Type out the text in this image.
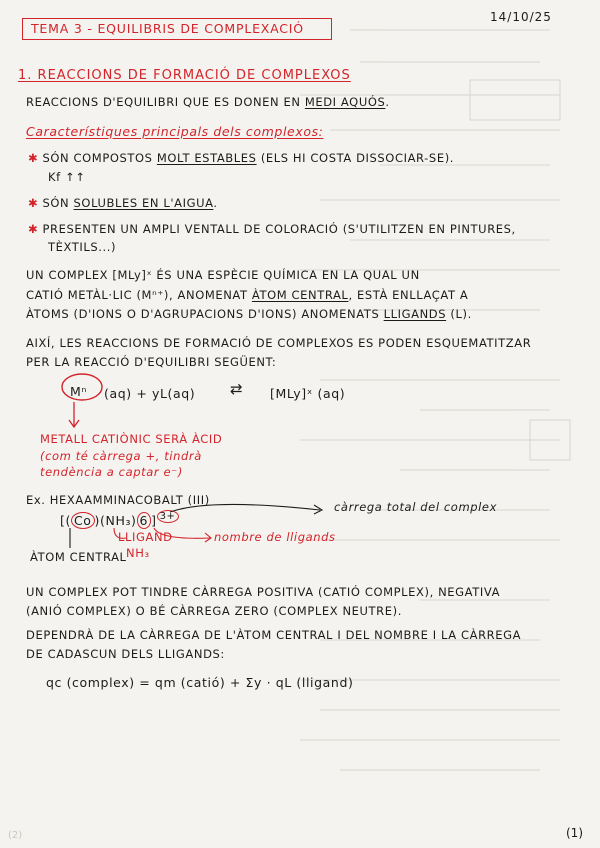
TEMA 3 - EQUILIBRIS DE COMPLEXACIÓ
14/10/25
1. REACCIONS DE FORMACIÓ DE COMPLEXOS
REACCIONS D'EQUILIBRI QUE ES DONEN EN MEDI AQUÓS.
Característiques principals dels complexos:
✱ SÓN COMPOSTOS MOLT ESTABLES (ELS HI COSTA DISSOCIAR-SE).
Kf ↑↑
✱ SÓN SOLUBLES EN L'AIGUA.
✱ PRESENTEN UN AMPLI VENTALL DE COLORACIÓ (S'UTILITZEN EN PINTURES,
TÈXTILS...)
UN COMPLEX [MLy]ˣ ÉS UNA ESPÈCIE QUÍMICA EN LA QUAL UN
CATIÓ METÀL·LIC (Mⁿ⁺), ANOMENAT ÀTOM CENTRAL, ESTÀ ENLLAÇAT A
ÀTOMS (D'IONS O D'AGRUPACIONS D'IONS) ANOMENATS LLIGANDS (L).
AIXÍ, LES REACCIONS DE FORMACIÓ DE COMPLEXOS ES PODEN ESQUEMATITZAR
PER LA REACCIÓ D'EQUILIBRI SEGÜENT:
Mⁿ (aq) + yL(aq) ⇄ [MLy]ˣ (aq)
METALL CATIÒNIC SERÀ ÀCID
(com té càrrega +, tindrà
tendència a captar e⁻)
Ex. HEXAAMMINACOBALT (III)
[( Co )(NH₃) 6 ] $^{3+}$
LLIGAND
NH₃
nombre de lligands
càrrega total del complex
ÀTOM CENTRAL
UN COMPLEX POT TINDRE CÀRREGA POSITIVA (CATIÓ COMPLEX), NEGATIVA
(ANIÓ COMPLEX) O BÉ CÀRREGA ZERO (COMPLEX NEUTRE).
DEPENDRÀ DE LA CÀRREGA DE L'ÀTOM CENTRAL I DEL NOMBRE I LA CÀRREGA
DE CADASCUN DELS LLIGANDS:
qc (complex) = qm (catió) + Σy · qL (lligand)
(2)	(1)
